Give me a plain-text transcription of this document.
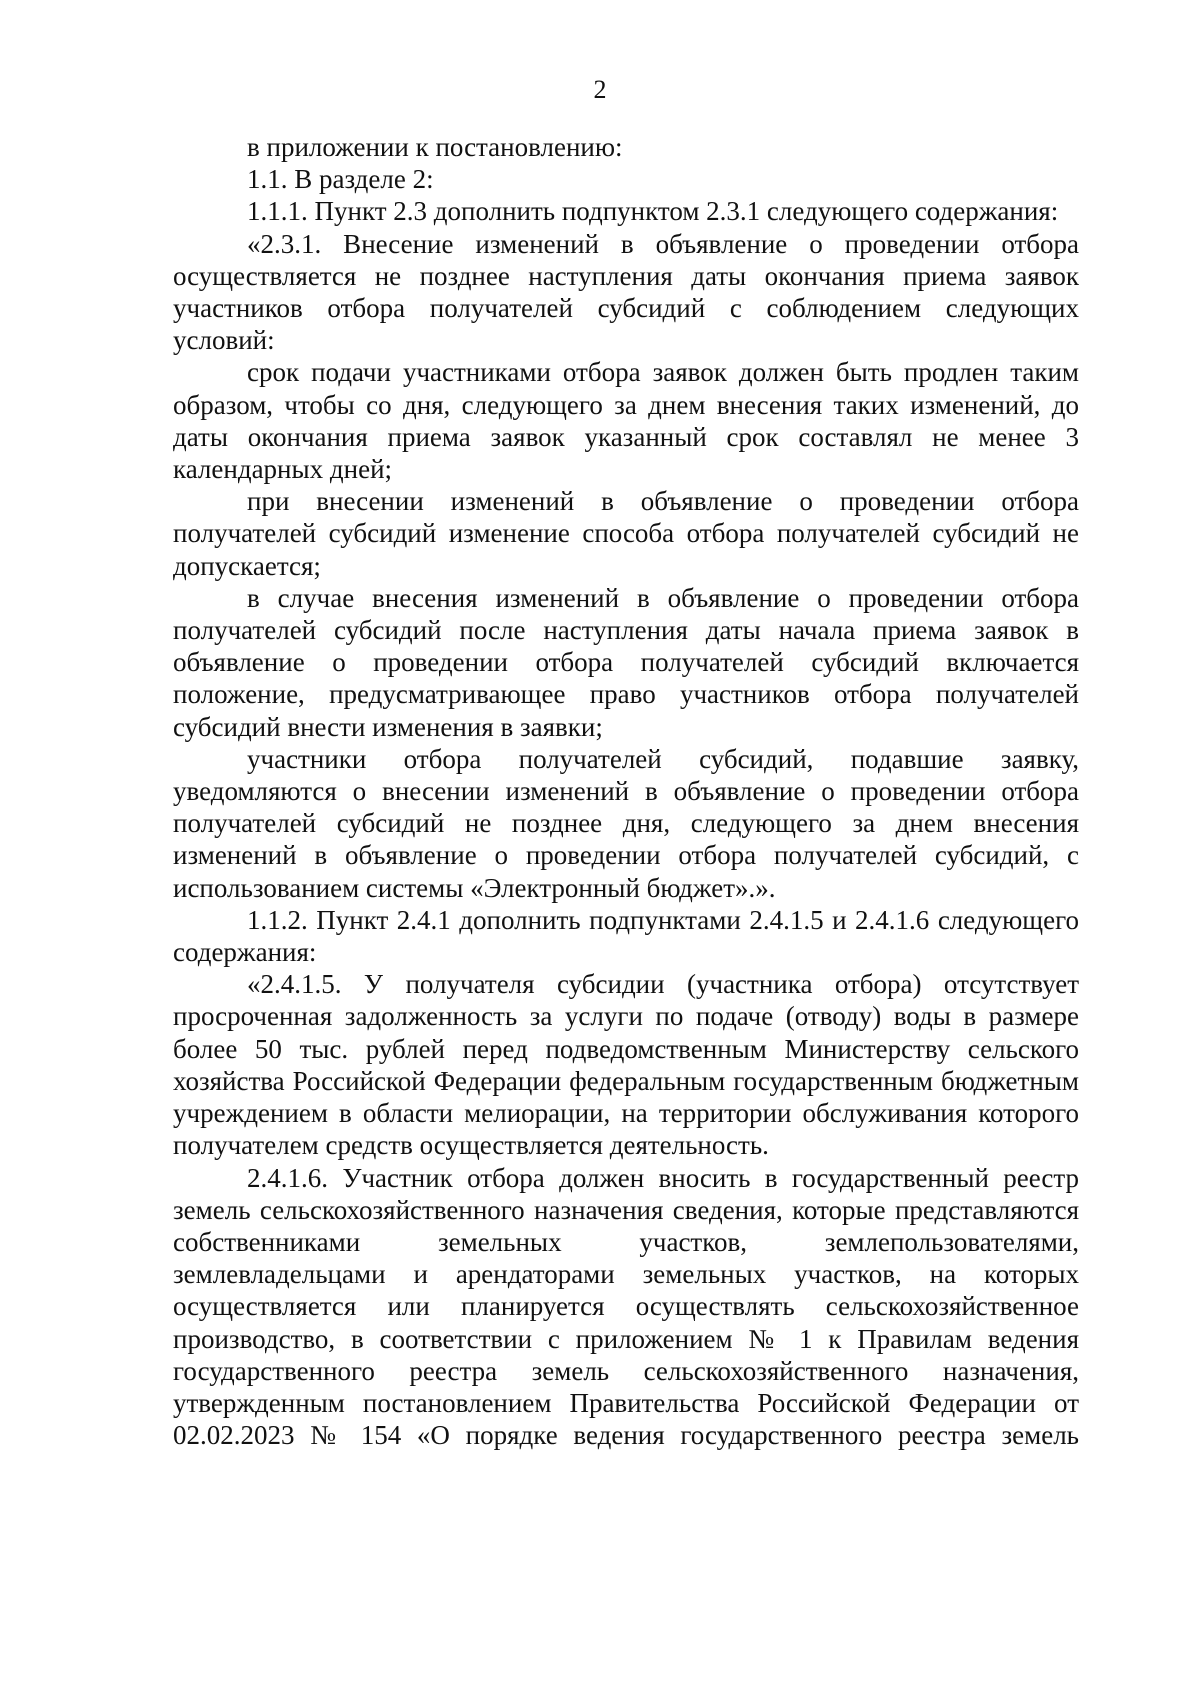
2

в приложении к постановлению:

1.1. В разделе 2:

1.1.1. Пункт 2.3 дополнить подпунктом 2.3.1 следующего содержания:

«2.3.1. Внесение изменений в объявление о проведении отбора осуществляется не позднее наступления даты окончания приема заявок участников отбора получателей субсидий с соблюдением следующих условий:

срок подачи участниками отбора заявок должен быть продлен таким образом, чтобы со дня, следующего за днем внесения таких изменений, до даты окончания приема заявок указанный срок составлял не менее 3 календарных дней;

при внесении изменений в объявление о проведении отбора получателей субсидий изменение способа отбора получателей субсидий не допускается;

в случае внесения изменений в объявление о проведении отбора получателей субсидий после наступления даты начала приема заявок в объявление о проведении отбора получателей субсидий включается положение, предусматривающее право участников отбора получателей субсидий внести изменения в заявки;

участники отбора получателей субсидий, подавшие заявку, уведомляются о внесении изменений в объявление о проведении отбора получателей субсидий не позднее дня, следующего за днем внесения изменений в объявление о проведении отбора получателей субсидий, с использованием системы «Электронный бюджет».».

1.1.2. Пункт 2.4.1 дополнить подпунктами 2.4.1.5 и 2.4.1.6 следующего содержания:

«2.4.1.5. У получателя субсидии (участника отбора) отсутствует просроченная задолженность за услуги по подаче (отводу) воды в размере более 50 тыс. рублей перед подведомственным Министерству сельского хозяйства Российской Федерации федеральным государственным бюджетным учреждением в области мелиорации, на территории обслуживания которого получателем средств осуществляется деятельность.

2.4.1.6. Участник отбора должен вносить в государственный реестр земель сельскохозяйственного назначения сведения, которые представляются собственниками земельных участков, землепользователями, землевладельцами и арендаторами земельных участков, на которых осуществляется или планируется осуществлять сельскохозяйственное производство, в соответствии с приложением № 1 к Правилам ведения государственного реестра земель сельскохозяйственного назначения, утвержденным постановлением Правительства Российской Федерации от 02.02.2023 № 154 «О порядке ведения государственного реестра земель
